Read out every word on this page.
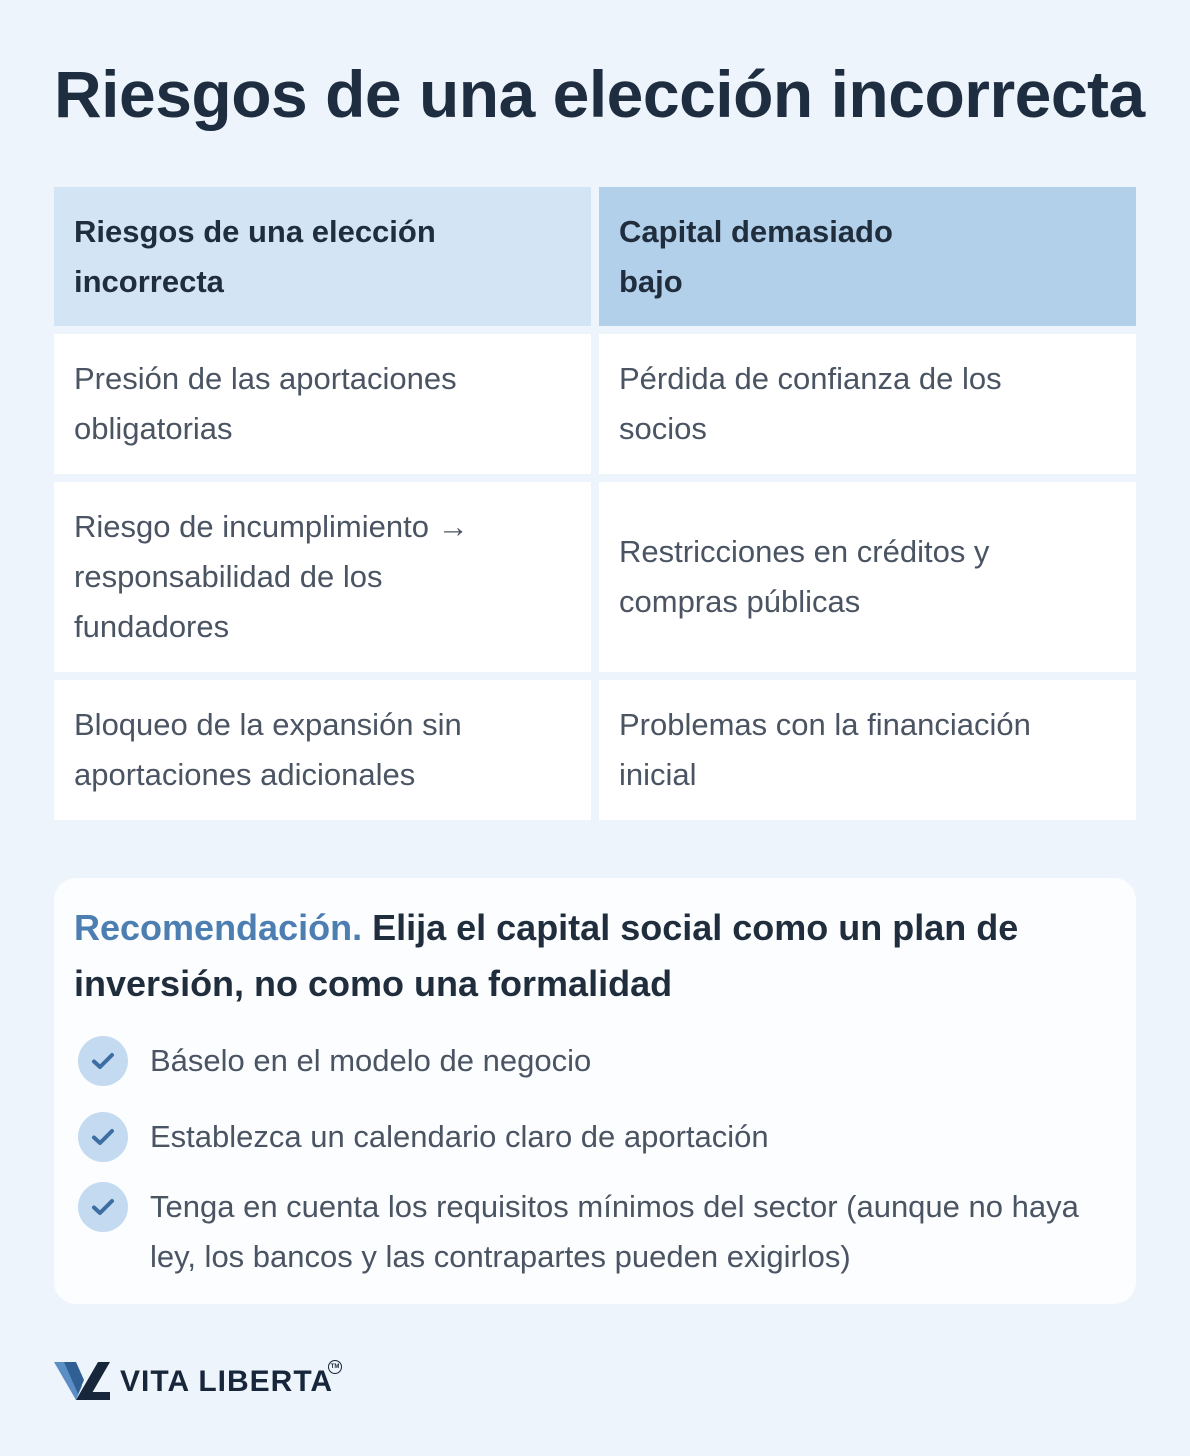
Riesgos de una elección incorrecta
Riesgos de una elección
incorrecta
Capital demasiado
bajo
Presión de las aportaciones
obligatorias
Pérdida de confianza de los
socios
Riesgo de incumplimiento →
responsabilidad de los
fundadores
Restricciones en créditos y
compras públicas
Bloqueo de la expansión sin
aportaciones adicionales
Problemas con la financiación
inicial

Recomendación. Elija el capital social como un plan de inversión, no como una formalidad

Báselo en el modelo de negocio
Establezca un calendario claro de aportación
Tenga en cuenta los requisitos mínimos del sector (aunque no haya ley, los bancos y las contrapartes pueden exigirlos)
VITA LIBERTA
TM
